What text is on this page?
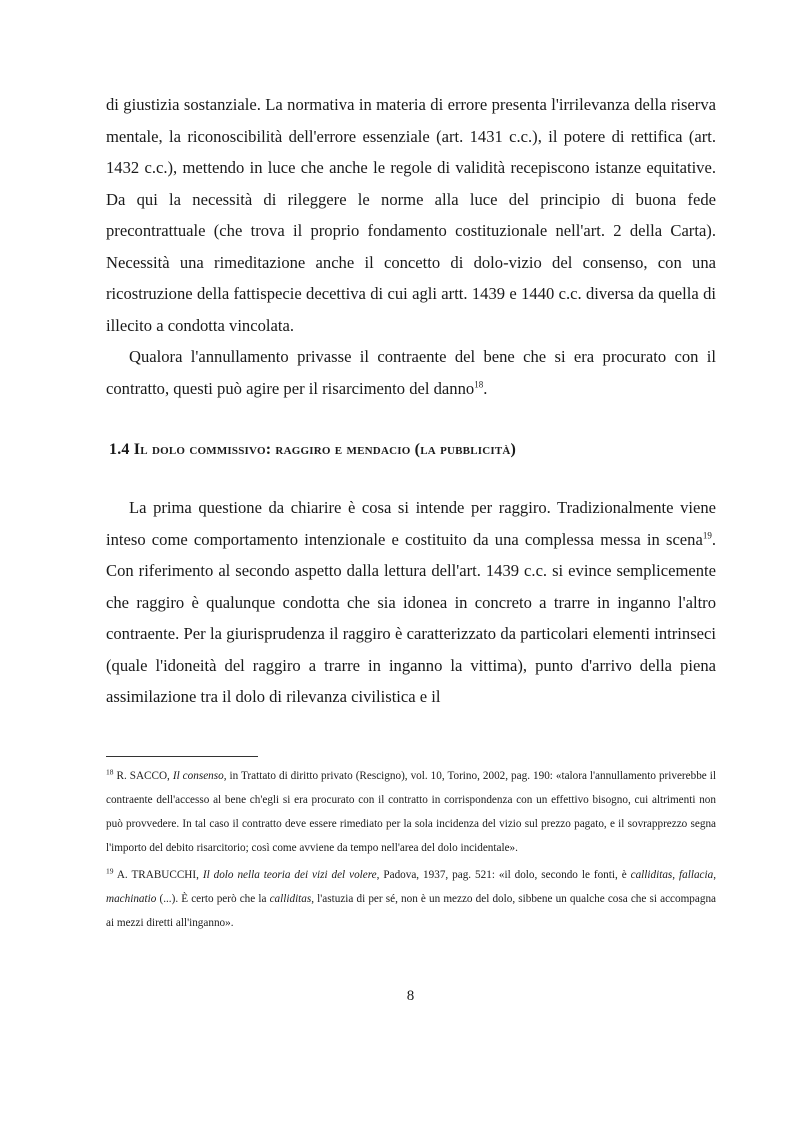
di giustizia sostanziale. La normativa in materia di errore presenta l'irrilevanza della riserva mentale, la riconoscibilità dell'errore essenziale (art. 1431 c.c.), il potere di rettifica (art. 1432 c.c.), mettendo in luce che anche le regole di validità recepiscono istanze equitative. Da qui la necessità di rileggere le norme alla luce del principio di buona fede precontrattuale (che trova il proprio fondamento costituzionale nell'art. 2 della Carta). Necessità una rimeditazione anche il concetto di dolo-vizio del consenso, con una ricostruzione della fattispecie decettiva di cui agli artt. 1439 e 1440 c.c. diversa da quella di illecito a condotta vincolata.

Qualora l'annullamento privasse il contraente del bene che si era procurato con il contratto, questi può agire per il risarcimento del danno$^{18}$.

1.4 Il dolo commissivo: raggiro e mendacio (la pubblicità)

La prima questione da chiarire è cosa si intende per raggiro. Tradizionalmente viene inteso come comportamento intenzionale e costituito da una complessa messa in scena$^{19}$. Con riferimento al secondo aspetto dalla lettura dell'art. 1439 c.c. si evince semplicemente che raggiro è qualunque condotta che sia idonea in concreto a trarre in inganno l'altro contraente. Per la giurisprudenza il raggiro è caratterizzato da particolari elementi intrinseci (quale l'idoneità del raggiro a trarre in inganno la vittima), punto d'arrivo della piena assimilazione tra il dolo di rilevanza civilistica e il

$^{18}$ R. SACCO, Il consenso, in Trattato di diritto privato (Rescigno), vol. 10, Torino, 2002, pag. 190: «talora l'annullamento priverebbe il contraente dell'accesso al bene ch'egli si era procurato con il contratto in corrispondenza con un effettivo bisogno, cui altrimenti non può provvedere. In tal caso il contratto deve essere rimediato per la sola incidenza del vizio sul prezzo pagato, e il sovrapprezzo segna l'importo del debito risarcitorio; così come avviene da tempo nell'area del dolo incidentale».

$^{19}$ A. TRABUCCHI, Il dolo nella teoria dei vizi del volere, Padova, 1937, pag. 521: «il dolo, secondo le fonti, è calliditas, fallacia, machinatio (...). È certo però che la calliditas, l'astuzia di per sé, non è un mezzo del dolo, sibbene un qualche cosa che si accompagna ai mezzi diretti all'inganno».

8
